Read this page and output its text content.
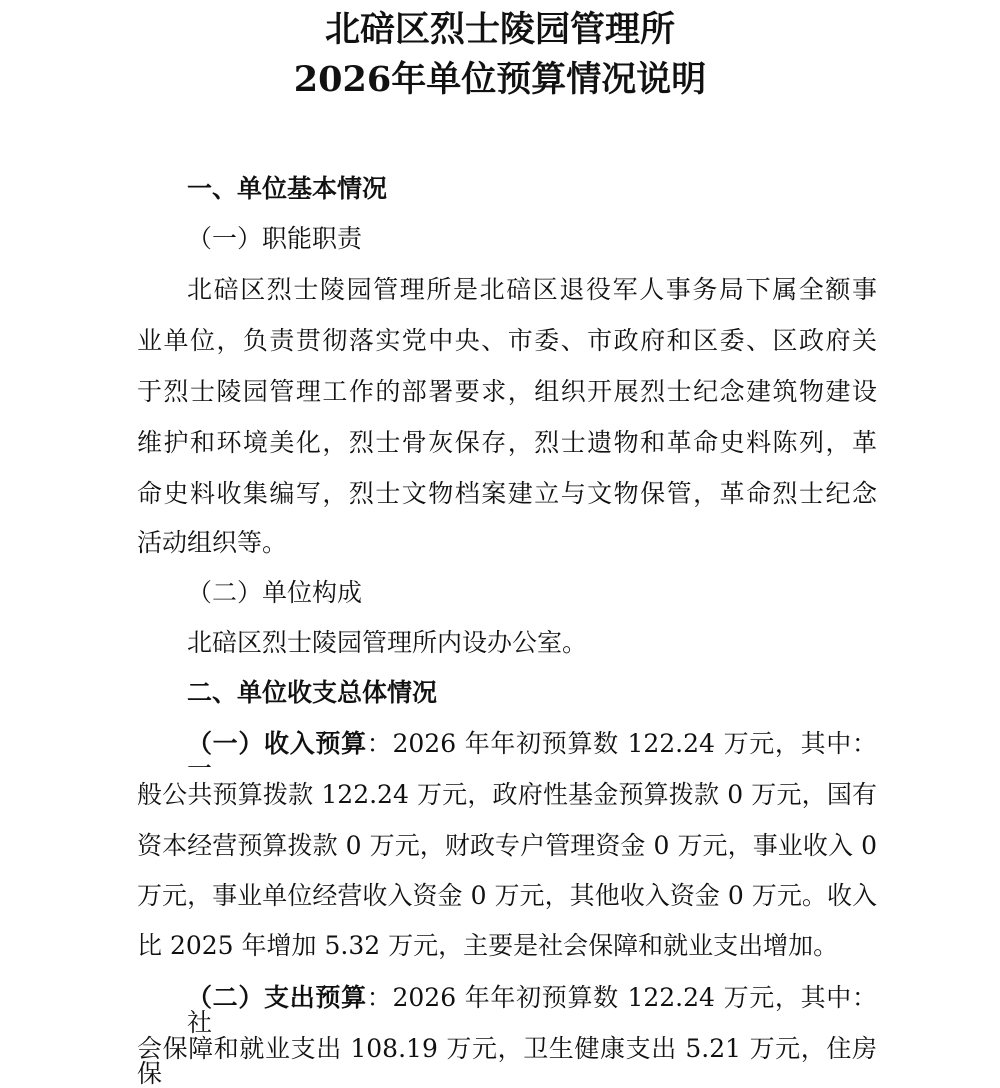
北碚区烈士陵园管理所
2026年单位预算情况说明
一、单位基本情况
（一）职能职责
北碚区烈士陵园管理所是北碚区退役军人事务局下属全额事
业单位，负责贯彻落实党中央、市委、市政府和区委、区政府关
于烈士陵园管理工作的部署要求，组织开展烈士纪念建筑物建设
维护和环境美化，烈士骨灰保存，烈士遗物和革命史料陈列，革
命史料收集编写，烈士文物档案建立与文物保管，革命烈士纪念
活动组织等。
（二）单位构成
北碚区烈士陵园管理所内设办公室。
二、单位收支总体情况
（一）收入预算：2026 年年初预算数 122.24 万元，其中：一
般公共预算拨款 122.24 万元，政府性基金预算拨款 0 万元，国有
资本经营预算拨款 0 万元，财政专户管理资金 0 万元，事业收入 0
万元，事业单位经营收入资金 0 万元，其他收入资金 0 万元。收入
比 2025 年增加 5.32 万元，主要是社会保障和就业支出增加。
（二）支出预算：2026 年年初预算数 122.24 万元，其中：社
会保障和就业支出 108.19 万元，卫生健康支出 5.21 万元，住房保
